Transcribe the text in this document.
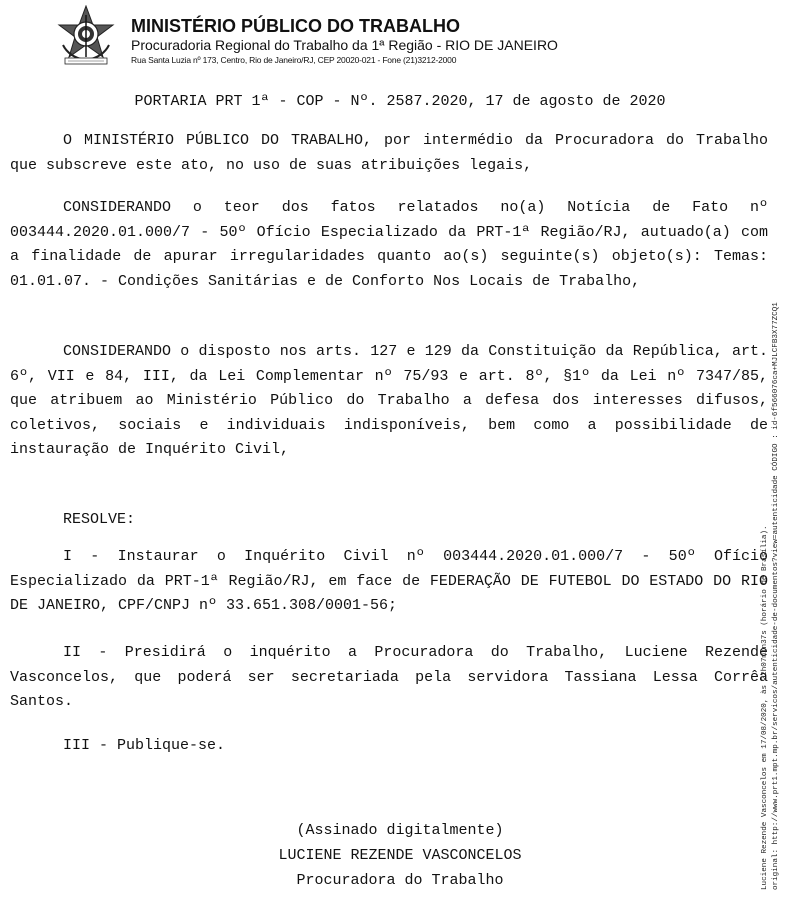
MINISTÉRIO PÚBLICO DO TRABALHO
Procuradoria Regional do Trabalho da 1ª Região - RIO DE JANEIRO
Rua Santa Luzia nº 173, Centro, Rio de Janeiro/RJ, CEP 20020-021 - Fone (21)3212-2000

PORTARIA PRT 1ª - COP - Nº. 2587.2020, 17 de agosto de 2020

O MINISTÉRIO PÚBLICO DO TRABALHO, por intermédio da Procuradora do Trabalho que subscreve este ato, no uso de suas atribuições legais,

CONSIDERANDO o teor dos fatos relatados no(a) Notícia de Fato nº 003444.2020.01.000/7 - 50º Ofício Especializado da PRT-1ª Região/RJ, autuado(a) com a finalidade de apurar irregularidades quanto ao(s) seguinte(s) objeto(s): Temas: 01.01.07. - Condições Sanitárias e de Conforto Nos Locais de Trabalho,

CONSIDERANDO o disposto nos arts. 127 e 129 da Constituição da República, art. 6º, VII e 84, III, da Lei Complementar nº 75/93 e art. 8º, §1º da Lei nº 7347/85, que atribuem ao Ministério Público do Trabalho a defesa dos interesses difusos, coletivos, sociais e individuais indisponíveis, bem como a possibilidade de instauração de Inquérito Civil,

RESOLVE:

I - Instaurar o Inquérito Civil nº 003444.2020.01.000/7 - 50º Ofício Especializado da PRT-1ª Região/RJ, em face de FEDERAÇÃO DE FUTEBOL DO ESTADO DO RIO DE JANEIRO, CPF/CNPJ nº 33.651.308/0001-56;

II - Presidirá o inquérito a Procuradora do Trabalho, Luciene Rezende Vasconcelos, que poderá ser secretariada pela servidora Tassiana Lessa Corrêa Santos.

III - Publique-se.

(Assinado digitalmente)

LUCIENE REZENDE VASCONCELOS

Procuradora do Trabalho	Luciene Rezende Vasconcelos em 17/08/2020, às 22h07min37s (horário de Brasília). original: http://www.prt1.mpt.mp.br/servicos/autenticidade-de-documentos?view=autenticidade CÓDIGO : id-6f566076ca+MJLCFB3X77ZCQ1
